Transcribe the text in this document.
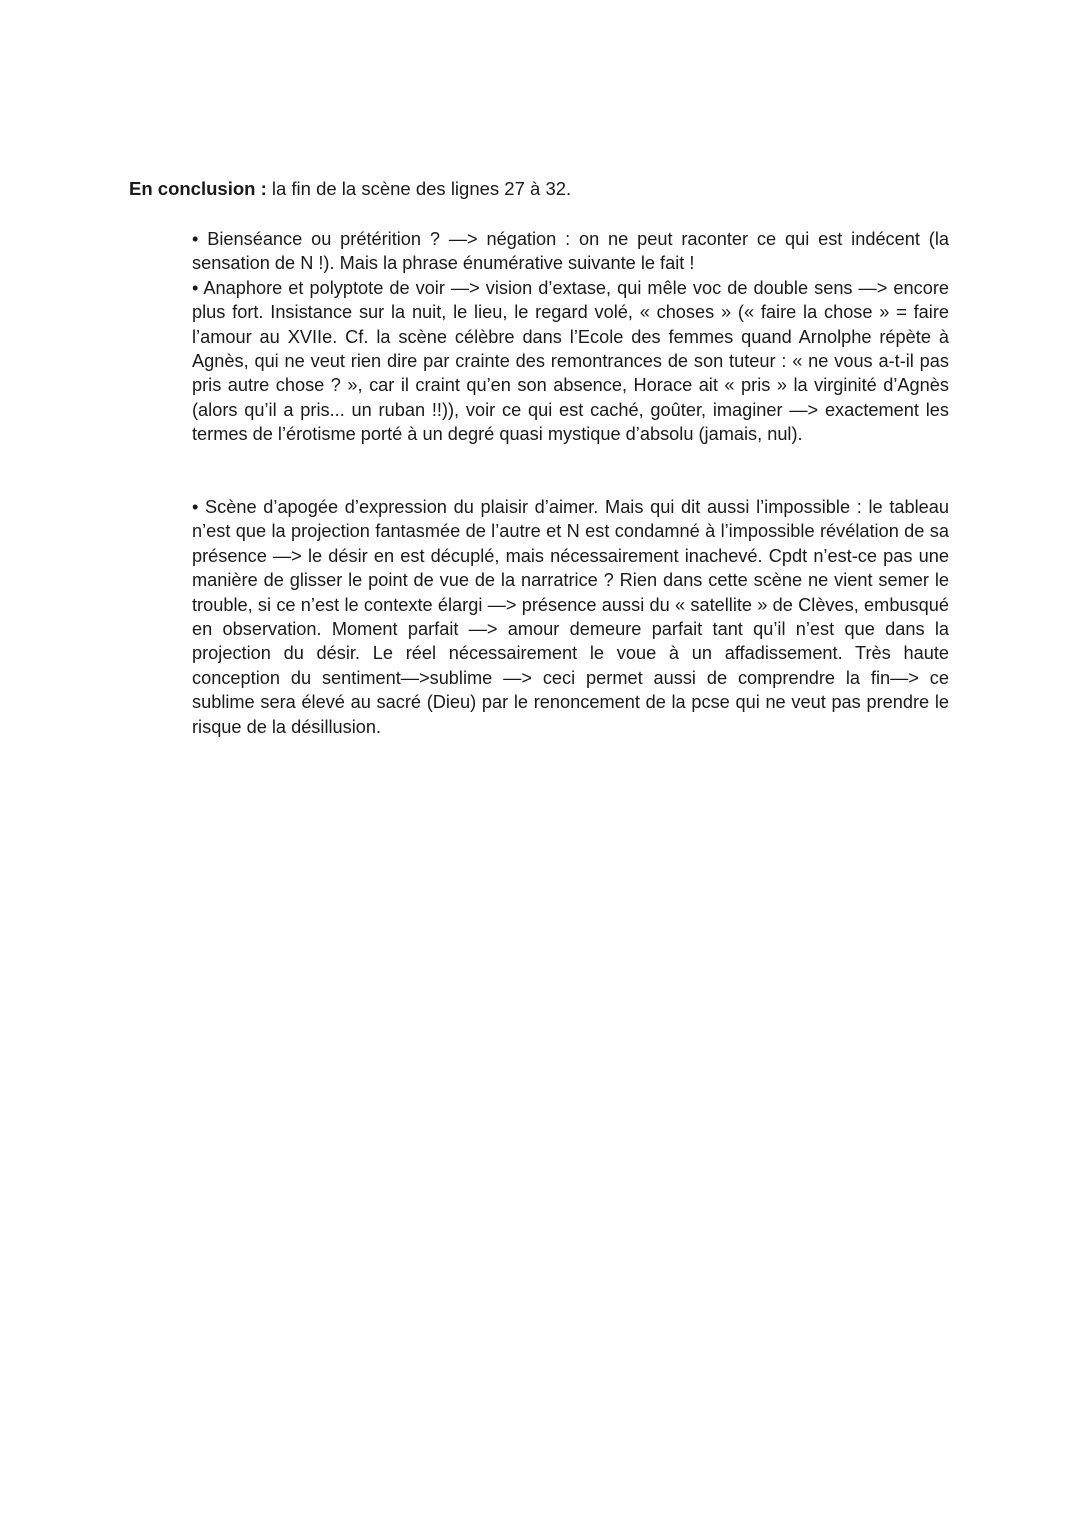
En conclusion : la fin de la scène des lignes 27 à 32.

• Bienséance ou prétérition ? —> négation : on ne peut raconter ce qui est indécent (la sensation de N !). Mais la phrase énumérative suivante le fait !

• Anaphore et polyptote de voir —> vision d’extase, qui mêle voc de double sens —> encore plus fort. Insistance sur la nuit, le lieu, le regard volé, « choses » (« faire la chose » = faire l’amour au XVIIe. Cf. la scène célèbre dans l’Ecole des femmes quand Arnolphe répète à Agnès, qui ne veut rien dire par crainte des remontrances de son tuteur : « ne vous a-t-il pas pris autre chose ? », car il craint qu’en son absence, Horace ait « pris » la virginité d’Agnès (alors qu’il a pris... un ruban !!)), voir ce qui est caché, goûter, imaginer —> exactement les termes de l’érotisme porté à un degré quasi mystique d’absolu (jamais, nul).

• Scène d’apogée d’expression du plaisir d’aimer. Mais qui dit aussi l’impossible : le tableau n’est que la projection fantasmée de l’autre et N est condamné à l’impossible révélation de sa présence —> le désir en est décuplé, mais nécessairement inachevé. Cpdt n’est-ce pas une manière de glisser le point de vue de la narratrice ? Rien dans cette scène ne vient semer le trouble, si ce n’est le contexte élargi —> présence aussi du « satellite » de Clèves, embusqué en observation. Moment parfait —> amour demeure parfait tant qu’il n’est que dans la projection du désir. Le réel nécessairement le voue à un affadissement. Très haute conception du sentiment—>sublime —> ceci permet aussi de comprendre la fin—> ce sublime sera élevé au sacré (Dieu) par le renoncement de la pcse qui ne veut pas prendre le risque de la désillusion.
